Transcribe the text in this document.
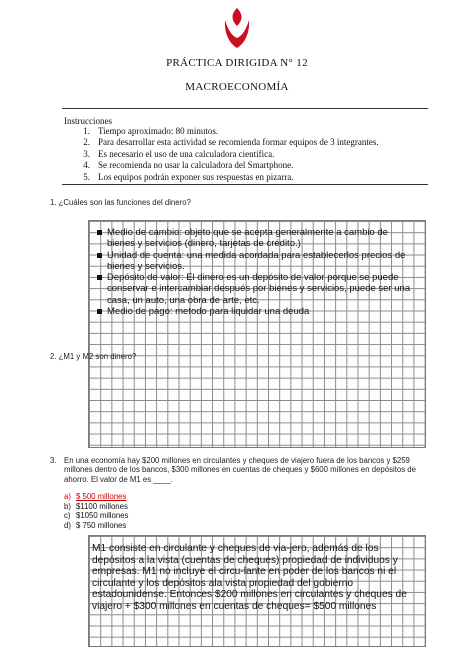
PRÁCTICA DIRIGIDA N° 12
MACROECONOMÍA
Instrucciones
1. Tiempo aproximado: 80 minutos.
2. Para desarrollar esta actividad se recomienda formar equipos de 3 integrantes.
3. Es necesario el uso de una calculadora científica.
4. Se recomienda no usar la calculadora del Smartphone.
5. Los equipos podrán exponer sus respuestas en pizarra.
1. ¿Cuáles son las funciones del dinero?
Medio de cambio: objeto que se acepta generalmente a cambio de bienes y servicios (dinero, tarjetas de crédito.)
Unidad de cuenta: una medida acordada para establecerlos precios de bienes y servicios.
Depósito de valor: El dinero es un depósito de valor porque se puede conservar e intercambiar después por bienes y servicios, puede ser una casa, un auto, una obra de arte, etc.
Medio de pago: metodo para liquidar una deuda
2. ¿M1 y M2 son dinero?
3. En una economía hay $200 millones en circulantes y cheques de viajero fuera de los bancos y $259 millones dentro de los bancos, $300 millones en cuentas de cheques y $600 millones en depósitos de ahorro. El valor de M1 es ____.
a) $ 500 millones
b) $1100 millones
c) $1050 millones
d) $ 750 millones
M1 consiste en circulante y cheques de via-jero, además de los depósitos a la vista (cuentas de cheques) propiedad de individuos y empresas. M1 no incluye el circu-lante en poder de los bancos ni el circulante y los depósitos ala vista propiedad del gobierno estadounidense. Entonces $200 millones en circulantes y cheques de viajero + $300 millones en cuentas de cheques= $500 millones
